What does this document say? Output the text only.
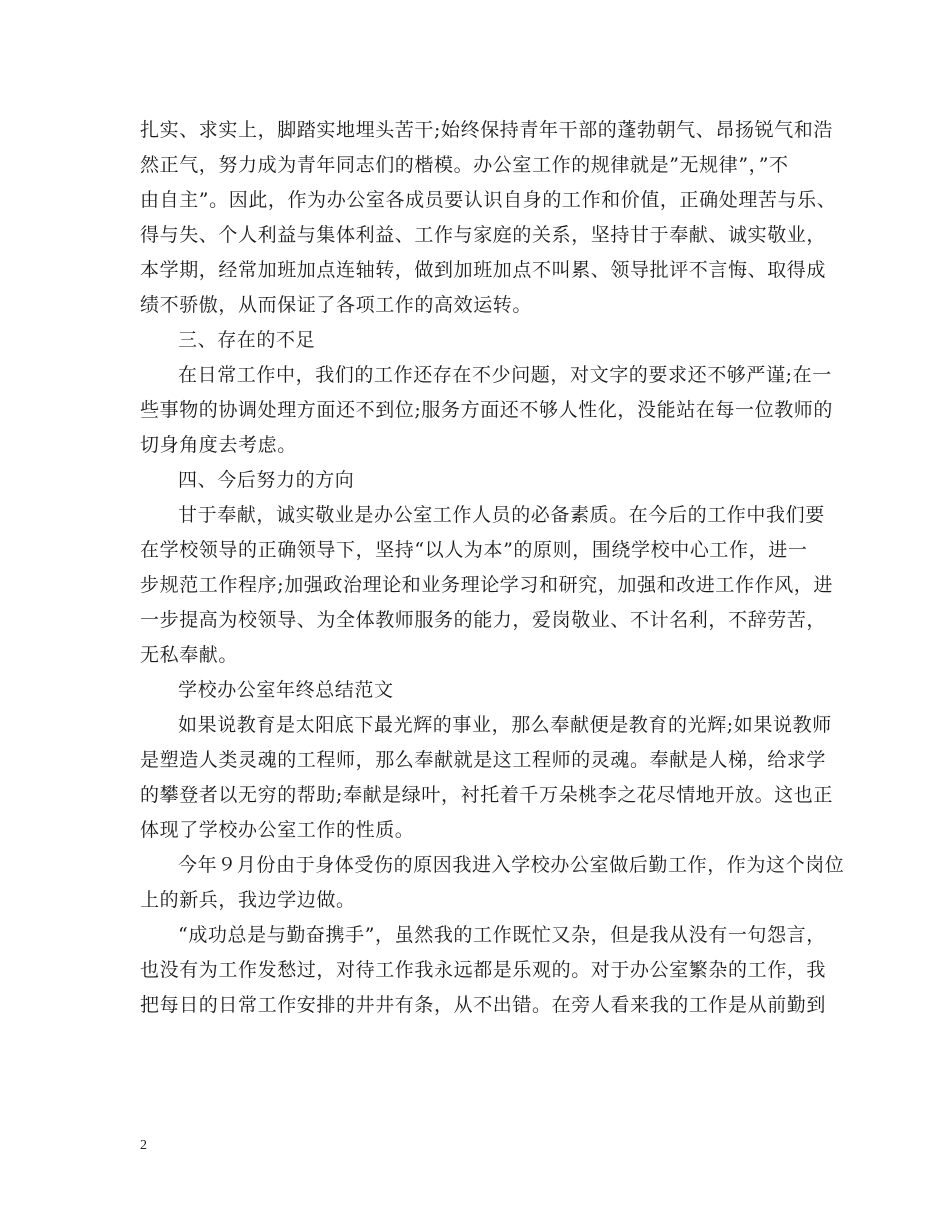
扎实、求实上，脚踏实地埋头苦干;始终保持青年干部的蓬勃朝气、昂扬锐气和浩
然正气，努力成为青年同志们的楷模。办公室工作的规律就是”无规律”，”不
由自主”。因此，作为办公室各成员要认识自身的工作和价值，正确处理苦与乐、
得与失、个人利益与集体利益、工作与家庭的关系，坚持甘于奉献、诚实敬业，
本学期，经常加班加点连轴转，做到加班加点不叫累、领导批评不言悔、取得成
绩不骄傲，从而保证了各项工作的高效运转。
三、存在的不足
在日常工作中，我们的工作还存在不少问题，对文字的要求还不够严谨;在一
些事物的协调处理方面还不到位;服务方面还不够人性化，没能站在每一位教师的
切身角度去考虑。
四、今后努力的方向
甘于奉献，诚实敬业是办公室工作人员的必备素质。在今后的工作中我们要
在学校领导的正确领导下，坚持“以人为本”的原则，围绕学校中心工作，进一
步规范工作程序;加强政治理论和业务理论学习和研究，加强和改进工作作风，进
一步提高为校领导、为全体教师服务的能力，爱岗敬业、不计名利，不辞劳苦，
无私奉献。
学校办公室年终总结范文
如果说教育是太阳底下最光辉的事业，那么奉献便是教育的光辉;如果说教师
是塑造人类灵魂的工程师，那么奉献就是这工程师的灵魂。奉献是人梯，给求学
的攀登者以无穷的帮助;奉献是绿叶，衬托着千万朵桃李之花尽情地开放。这也正
体现了学校办公室工作的性质。
今年９月份由于身体受伤的原因我进入学校办公室做后勤工作，作为这个岗位
上的新兵，我边学边做。
“成功总是与勤奋携手”，虽然我的工作既忙又杂，但是我从没有一句怨言，
也没有为工作发愁过，对待工作我永远都是乐观的。对于办公室繁杂的工作，我
把每日的日常工作安排的井井有条，从不出错。在旁人看来我的工作是从前勤到
2
